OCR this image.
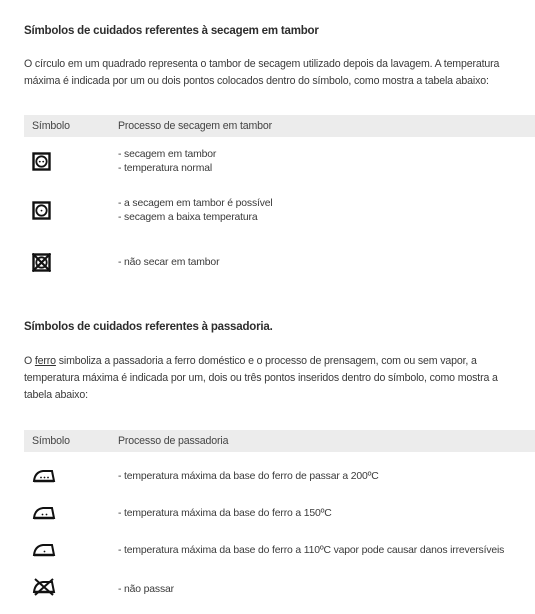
Símbolos de cuidados referentes à secagem em tambor
O círculo em um quadrado representa o tambor de secagem utilizado depois da lavagem. A temperatura
máxima é indicada por um ou dois pontos colocados dentro do símbolo, como mostra a tabela abaixo:
Símbolo	Processo de secagem em tambor
- secagem em tambor
- temperatura normal
- a secagem em tambor é possível
- secagem a baixa temperatura
- não secar em tambor
Símbolos de cuidados referentes à passadoria.
O ferro simboliza a passadoria a ferro doméstico e o processo de prensagem, com ou sem vapor, a
temperatura máxima é indicada por um, dois ou três pontos inseridos dentro do símbolo, como mostra a
tabela abaixo:
Símbolo	Processo de passadoria
- temperatura máxima da base do ferro de passar a 200ºC
- temperatura máxima da base do ferro a 150ºC
- temperatura máxima da base do ferro a 110ºC vapor pode causar danos irreversíveis
- não passar
